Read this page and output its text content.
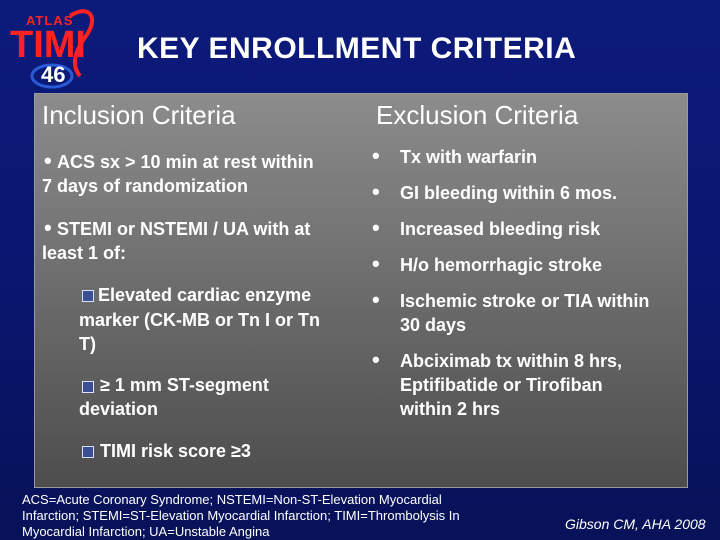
ATLAS
TIMI
46
KEY ENROLLMENT CRITERIA
Inclusion Criteria
• ACS sx > 10 min at rest within
7 days of randomization
• STEMI or NSTEMI / UA with at
least 1 of:
Elevated cardiac enzyme
marker (CK-MB or Tn I or Tn
T)
≥ 1 mm ST-segment
deviation
TIMI risk score ≥3
Exclusion Criteria
• Tx with warfarin
• GI bleeding within 6 mos.
• Increased bleeding risk
• H/o hemorrhagic stroke
• Ischemic stroke or TIA within
30 days
• Abciximab tx within 8 hrs,
Eptifibatide or Tirofiban
within 2 hrs
ACS=Acute Coronary Syndrome; NSTEMI=Non-ST-Elevation Myocardial
Infarction; STEMI=ST-Elevation Myocardial Infarction; TIMI=Thrombolysis In
Myocardial Infarction; UA=Unstable Angina	Gibson CM, AHA 2008
